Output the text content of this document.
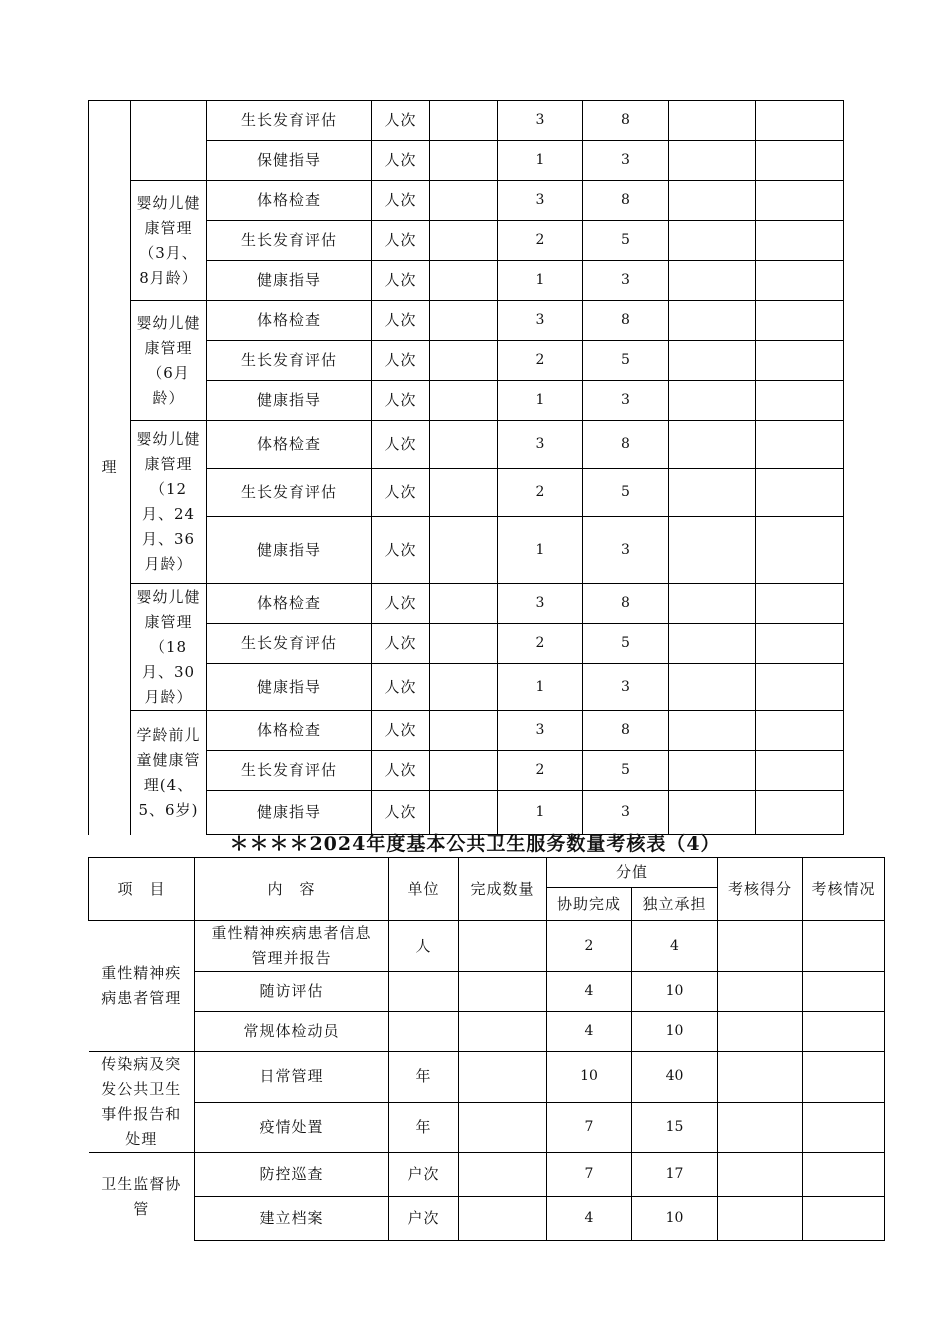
理		生长发育评估	人次		3	8		
		保健指导	人次		1	3		
	婴幼儿健康管理（3月、8月龄）	体格检查	人次		3	8		
		生长发育评估	人次		2	5		
		健康指导	人次		1	3		
	婴幼儿健康管理（6月龄）	体格检查	人次		3	8		
		生长发育评估	人次		2	5		
		健康指导	人次		1	3		
	婴幼儿健康管理（12月、24月、36月龄）	体格检查	人次		3	8		
		生长发育评估	人次		2	5		
		健康指导	人次		1	3		
	婴幼儿健康管理（18月、30月龄）	体格检查	人次		3	8		
		生长发育评估	人次		2	5		
		健康指导	人次		1	3		
	学龄前儿童健康管理(4、5、6岁)	体格检查	人次		3	8		
		生长发育评估	人次		2	5		
		健康指导	人次		1	3		
＊＊＊＊2024年度基本公共卫生服务数量考核表（4）
项　目	内　容	单位	完成数量	分值		考核得分	考核情况
				协助完成	独立承担		
重性精神疾病患者管理	重性精神疾病患者信息管理并报告	人		2	4		
	随访评估			4	10		
	常规体检动员			4	10		
传染病及突发公共卫生事件报告和处理	日常管理	年		10	40		
	疫情处置	年		7	15		
卫生监督协管	防控巡查	户次		7	17		
	建立档案	户次		4	10		
